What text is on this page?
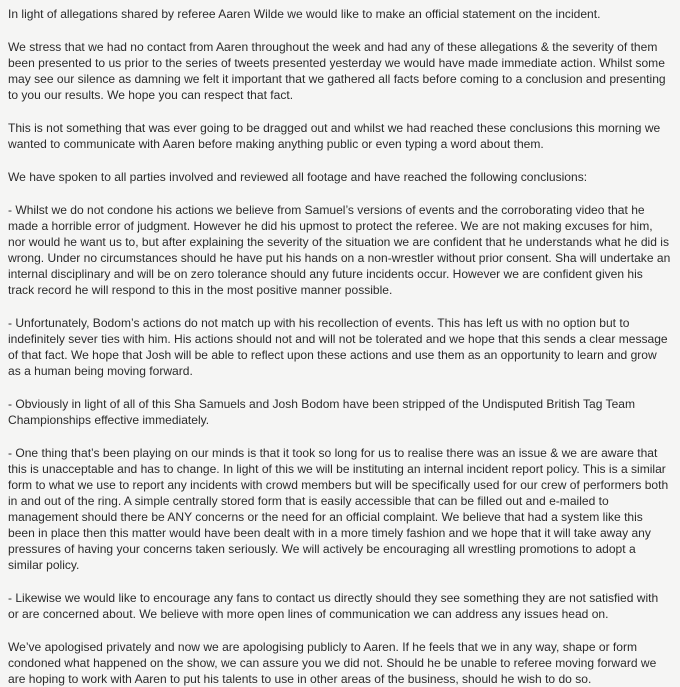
In light of allegations shared by referee Aaren Wilde we would like to make an official statement on the incident.

We stress that we had no contact from Aaren throughout the week and had any of these allegations & the severity of them been presented to us prior to the series of tweets presented yesterday we would have made immediate action. Whilst some may see our silence as damning we felt it important that we gathered all facts before coming to a conclusion and presenting to you our results. We hope you can respect that fact.

This is not something that was ever going to be dragged out and whilst we had reached these conclusions this morning we wanted to communicate with Aaren before making anything public or even typing a word about them.

We have spoken to all parties involved and reviewed all footage and have reached the following conclusions:

- Whilst we do not condone his actions we believe from Samuel’s versions of events and the corroborating video that he made a horrible error of judgment. However he did his upmost to protect the referee. We are not making excuses for him, nor would he want us to, but after explaining the severity of the situation we are confident that he understands what he did is wrong. Under no circumstances should he have put his hands on a non-wrestler without prior consent. Sha will undertake an internal disciplinary and will be on zero tolerance should any future incidents occur. However we are confident given his track record he will respond to this in the most positive manner possible.

- Unfortunately, Bodom’s actions do not match up with his recollection of events. This has left us with no option but to indefinitely sever ties with him. His actions should not and will not be tolerated and we hope that this sends a clear message of that fact. We hope that Josh will be able to reflect upon these actions and use them as an opportunity to learn and grow as a human being moving forward.

- Obviously in light of all of this Sha Samuels and Josh Bodom have been stripped of the Undisputed British Tag Team Championships effective immediately.

- One thing that’s been playing on our minds is that it took so long for us to realise there was an issue & we are aware that this is unacceptable and has to change. In light of this we will be instituting an internal incident report policy. This is a similar form to what we use to report any incidents with crowd members but will be specifically used for our crew of performers both in and out of the ring. A simple centrally stored form that is easily accessible that can be filled out and e-mailed to management should there be ANY concerns or the need for an official complaint. We believe that had a system like this been in place then this matter would have been dealt with in a more timely fashion and we hope that it will take away any pressures of having your concerns taken seriously. We will actively be encouraging all wrestling promotions to adopt a similar policy.

- Likewise we would like to encourage any fans to contact us directly should they see something they are not satisfied with or are concerned about. We believe with more open lines of communication we can address any issues head on.

We’ve apologised privately and now we are apologising publicly to Aaren. If he feels that we in any way, shape or form condoned what happened on the show, we can assure you we did not. Should he be unable to referee moving forward we are hoping to work with Aaren to put his talents to use in other areas of the business, should he wish to do so.
